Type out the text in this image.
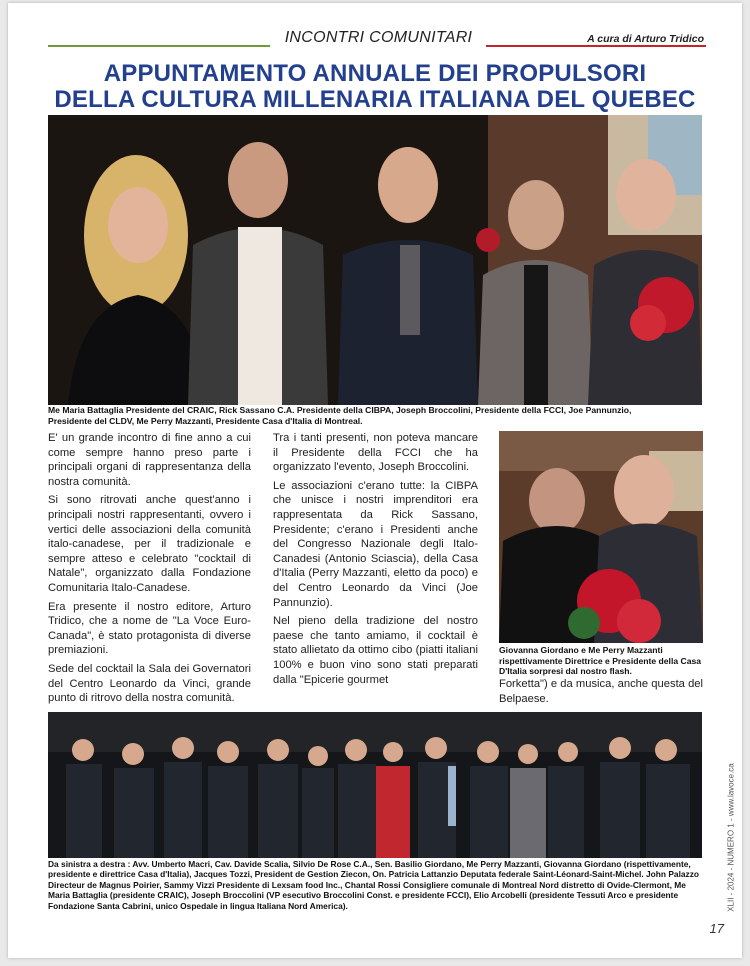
INCONTRI COMUNITARI	A cura di Arturo Tridico
APPUNTAMENTO ANNUALE DEI PROPULSORI
DELLA CULTURA MILLENARIA ITALIANA DEL QUEBEC
Me Maria Battaglia Presidente del CRAIC, Rick Sassano C.A. Presidente della CIBPA, Joseph Broccolini, Presidente della FCCI, Joe Pannunzio,
Presidente del CLDV, Me Perry Mazzanti, Presidente Casa d'Italia di Montreal.

E' un grande incontro di fine anno a cui come sempre hanno preso parte i principali organi di rappresentanza della nostra comunità.

Si sono ritrovati anche quest'anno i principali nostri rappresentanti, ovvero i vertici delle associazioni della comunità italo-canadese, per il tradizionale e sempre atteso e celebrato "cocktail di Natale", organizzato dalla Fondazione Comunitaria Italo-Canadese.

Era presente il nostro editore, Arturo Tridico, che a nome de "La Voce Euro-Canada", è stato protagonista di diverse premiazioni.

Sede del cocktail la Sala dei Governatori del Centro Leonardo da Vinci, grande punto di ritrovo della nostra comunità.

Tra i tanti presenti, non poteva mancare il Presidente della FCCI che ha organizzato l'evento, Joseph Broccolini.

Le associazioni c'erano tutte: la CIBPA che unisce i nostri imprenditori era rappresentata da Rick Sassano, Presidente; c'erano i Presidenti anche del Congresso Nazionale degli Italo-Canadesi (Antonio Sciascia), della Casa d'Italia (Perry Mazzanti, eletto da poco) e del Centro Leonardo da Vinci (Joe Pannunzio).

Nel pieno della tradizione del nostro paese che tanto amiamo, il cocktail è stato allietato da ottimo cibo (piatti italiani 100% e buon vino sono stati preparati dalla "Epicerie gourmet

Giovanna Giordano e Me Perry Mazzanti rispettivamente Direttrice e Presidente della Casa D'Italia sorpresi dal nostro flash.

Forketta") e da musica, anche questa del Belpaese.

Da sinistra a destra : Avv. Umberto Macri, Cav. Davide Scalia, Silvio De Rose C.A., Sen. Basilio Giordano, Me Perry Mazzanti, Giovanna Giordano (rispettivamente, presidente e direttrice Casa d'Italia), Jacques Tozzi, President de Gestion Ziecon, On. Patricia Lattanzio Deputata federale Saint-Léonard-Saint-Michel. John Palazzo Directeur de Magnus Poirier, Sammy Vizzi Presidente di Lexsam food Inc., Chantal Rossi Consigliere comunale di Montreal Nord distretto di Ovide-Clermont, Me Maria Battaglia (presidente CRAIC), Joseph Broccolini (VP esecutivo Broccolini Const. e presidente FCCI), Elio Arcobelli (presidente Tessuti Arco e presidente Fondazione Santa Cabrini, unico Ospedale in lingua Italiana Nord America).	XLII - 2024 - NUMERO 1 - www.lavoce.ca
17
